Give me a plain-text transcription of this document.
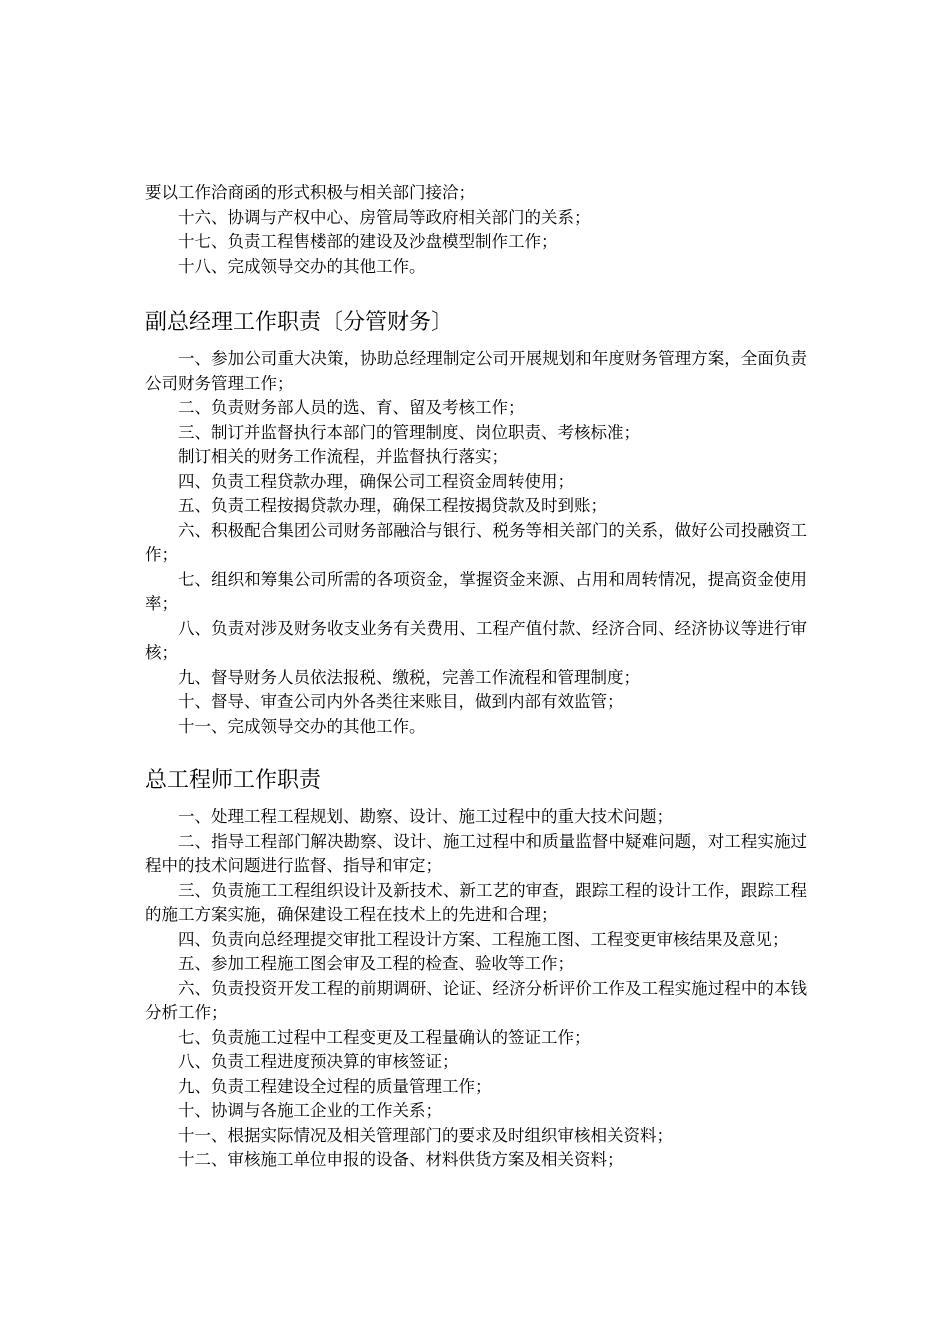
要以工作洽商函的形式积极与相关部门接洽；

十六、协调与产权中心、房管局等政府相关部门的关系；

十七、负责工程售楼部的建设及沙盘模型制作工作；

十八、完成领导交办的其他工作。

副总经理工作职责〔分管财务〕

一、参加公司重大决策，协助总经理制定公司开展规划和年度财务管理方案，全面负责公司财务管理工作；

二、负责财务部人员的选、育、留及考核工作；

三、制订并监督执行本部门的管理制度、岗位职责、考核标准；

制订相关的财务工作流程，并监督执行落实；

四、负责工程贷款办理，确保公司工程资金周转使用；

五、负责工程按揭贷款办理，确保工程按揭贷款及时到账；

六、积极配合集团公司财务部融洽与银行、税务等相关部门的关系，做好公司投融资工作；

七、组织和筹集公司所需的各项资金，掌握资金来源、占用和周转情况，提高资金使用率；

八、负责对涉及财务收支业务有关费用、工程产值付款、经济合同、经济协议等进行审核；

九、督导财务人员依法报税、缴税，完善工作流程和管理制度；

十、督导、审查公司内外各类往来账目，做到内部有效监管；

十一、完成领导交办的其他工作。

总工程师工作职责

一、处理工程工程规划、勘察、设计、施工过程中的重大技术问题；

二、指导工程部门解决勘察、设计、施工过程中和质量监督中疑难问题，对工程实施过程中的技术问题进行监督、指导和审定；

三、负责施工工程组织设计及新技术、新工艺的审查，跟踪工程的设计工作，跟踪工程的施工方案实施，确保建设工程在技术上的先进和合理；

四、负责向总经理提交审批工程设计方案、工程施工图、工程变更审核结果及意见；

五、参加工程施工图会审及工程的检查、验收等工作；

六、负责投资开发工程的前期调研、论证、经济分析评价工作及工程实施过程中的本钱分析工作；

七、负责施工过程中工程变更及工程量确认的签证工作；

八、负责工程进度预决算的审核签证；

九、负责工程建设全过程的质量管理工作；

十、协调与各施工企业的工作关系；

十一、根据实际情况及相关管理部门的要求及时组织审核相关资料；

十二、审核施工单位申报的设备、材料供货方案及相关资料；
